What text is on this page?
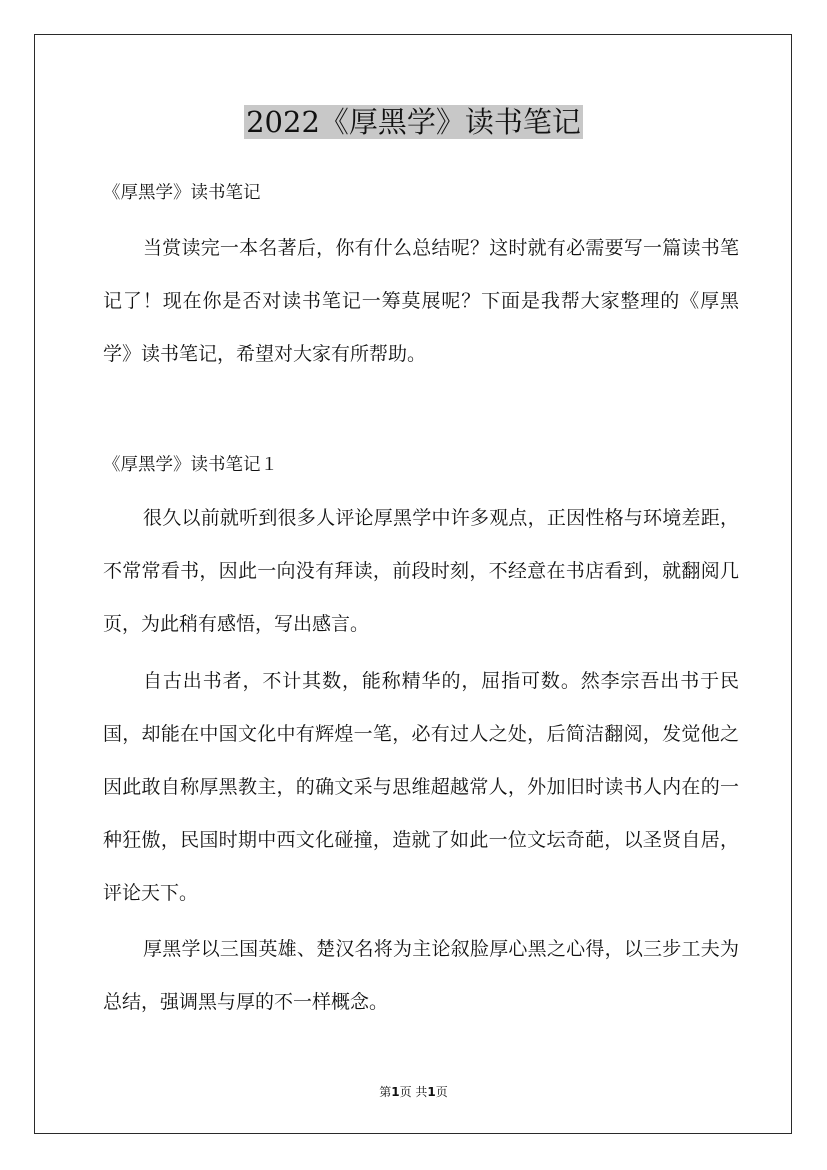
2022《厚黑学》读书笔记
《厚黑学》读书笔记
当赏读完一本名著后，你有什么总结呢？这时就有必需要写一篇读书笔记了！现在你是否对读书笔记一筹莫展呢？下面是我帮大家整理的《厚黑学》读书笔记，希望对大家有所帮助。
《厚黑学》读书笔记１
很久以前就听到很多人评论厚黑学中许多观点，正因性格与环境差距，不常常看书，因此一向没有拜读，前段时刻，不经意在书店看到，就翻阅几页，为此稍有感悟，写出感言。
自古出书者，不计其数，能称精华的，屈指可数。然李宗吾出书于民国，却能在中国文化中有辉煌一笔，必有过人之处，后简洁翻阅，发觉他之因此敢自称厚黑教主，的确文采与思维超越常人，外加旧时读书人内在的一种狂傲，民国时期中西文化碰撞，造就了如此一位文坛奇葩，以圣贤自居，评论天下。
厚黑学以三国英雄、楚汉名将为主论叙脸厚心黑之心得，以三步工夫为总结，强调黑与厚的不一样概念。
第1页 共1页
